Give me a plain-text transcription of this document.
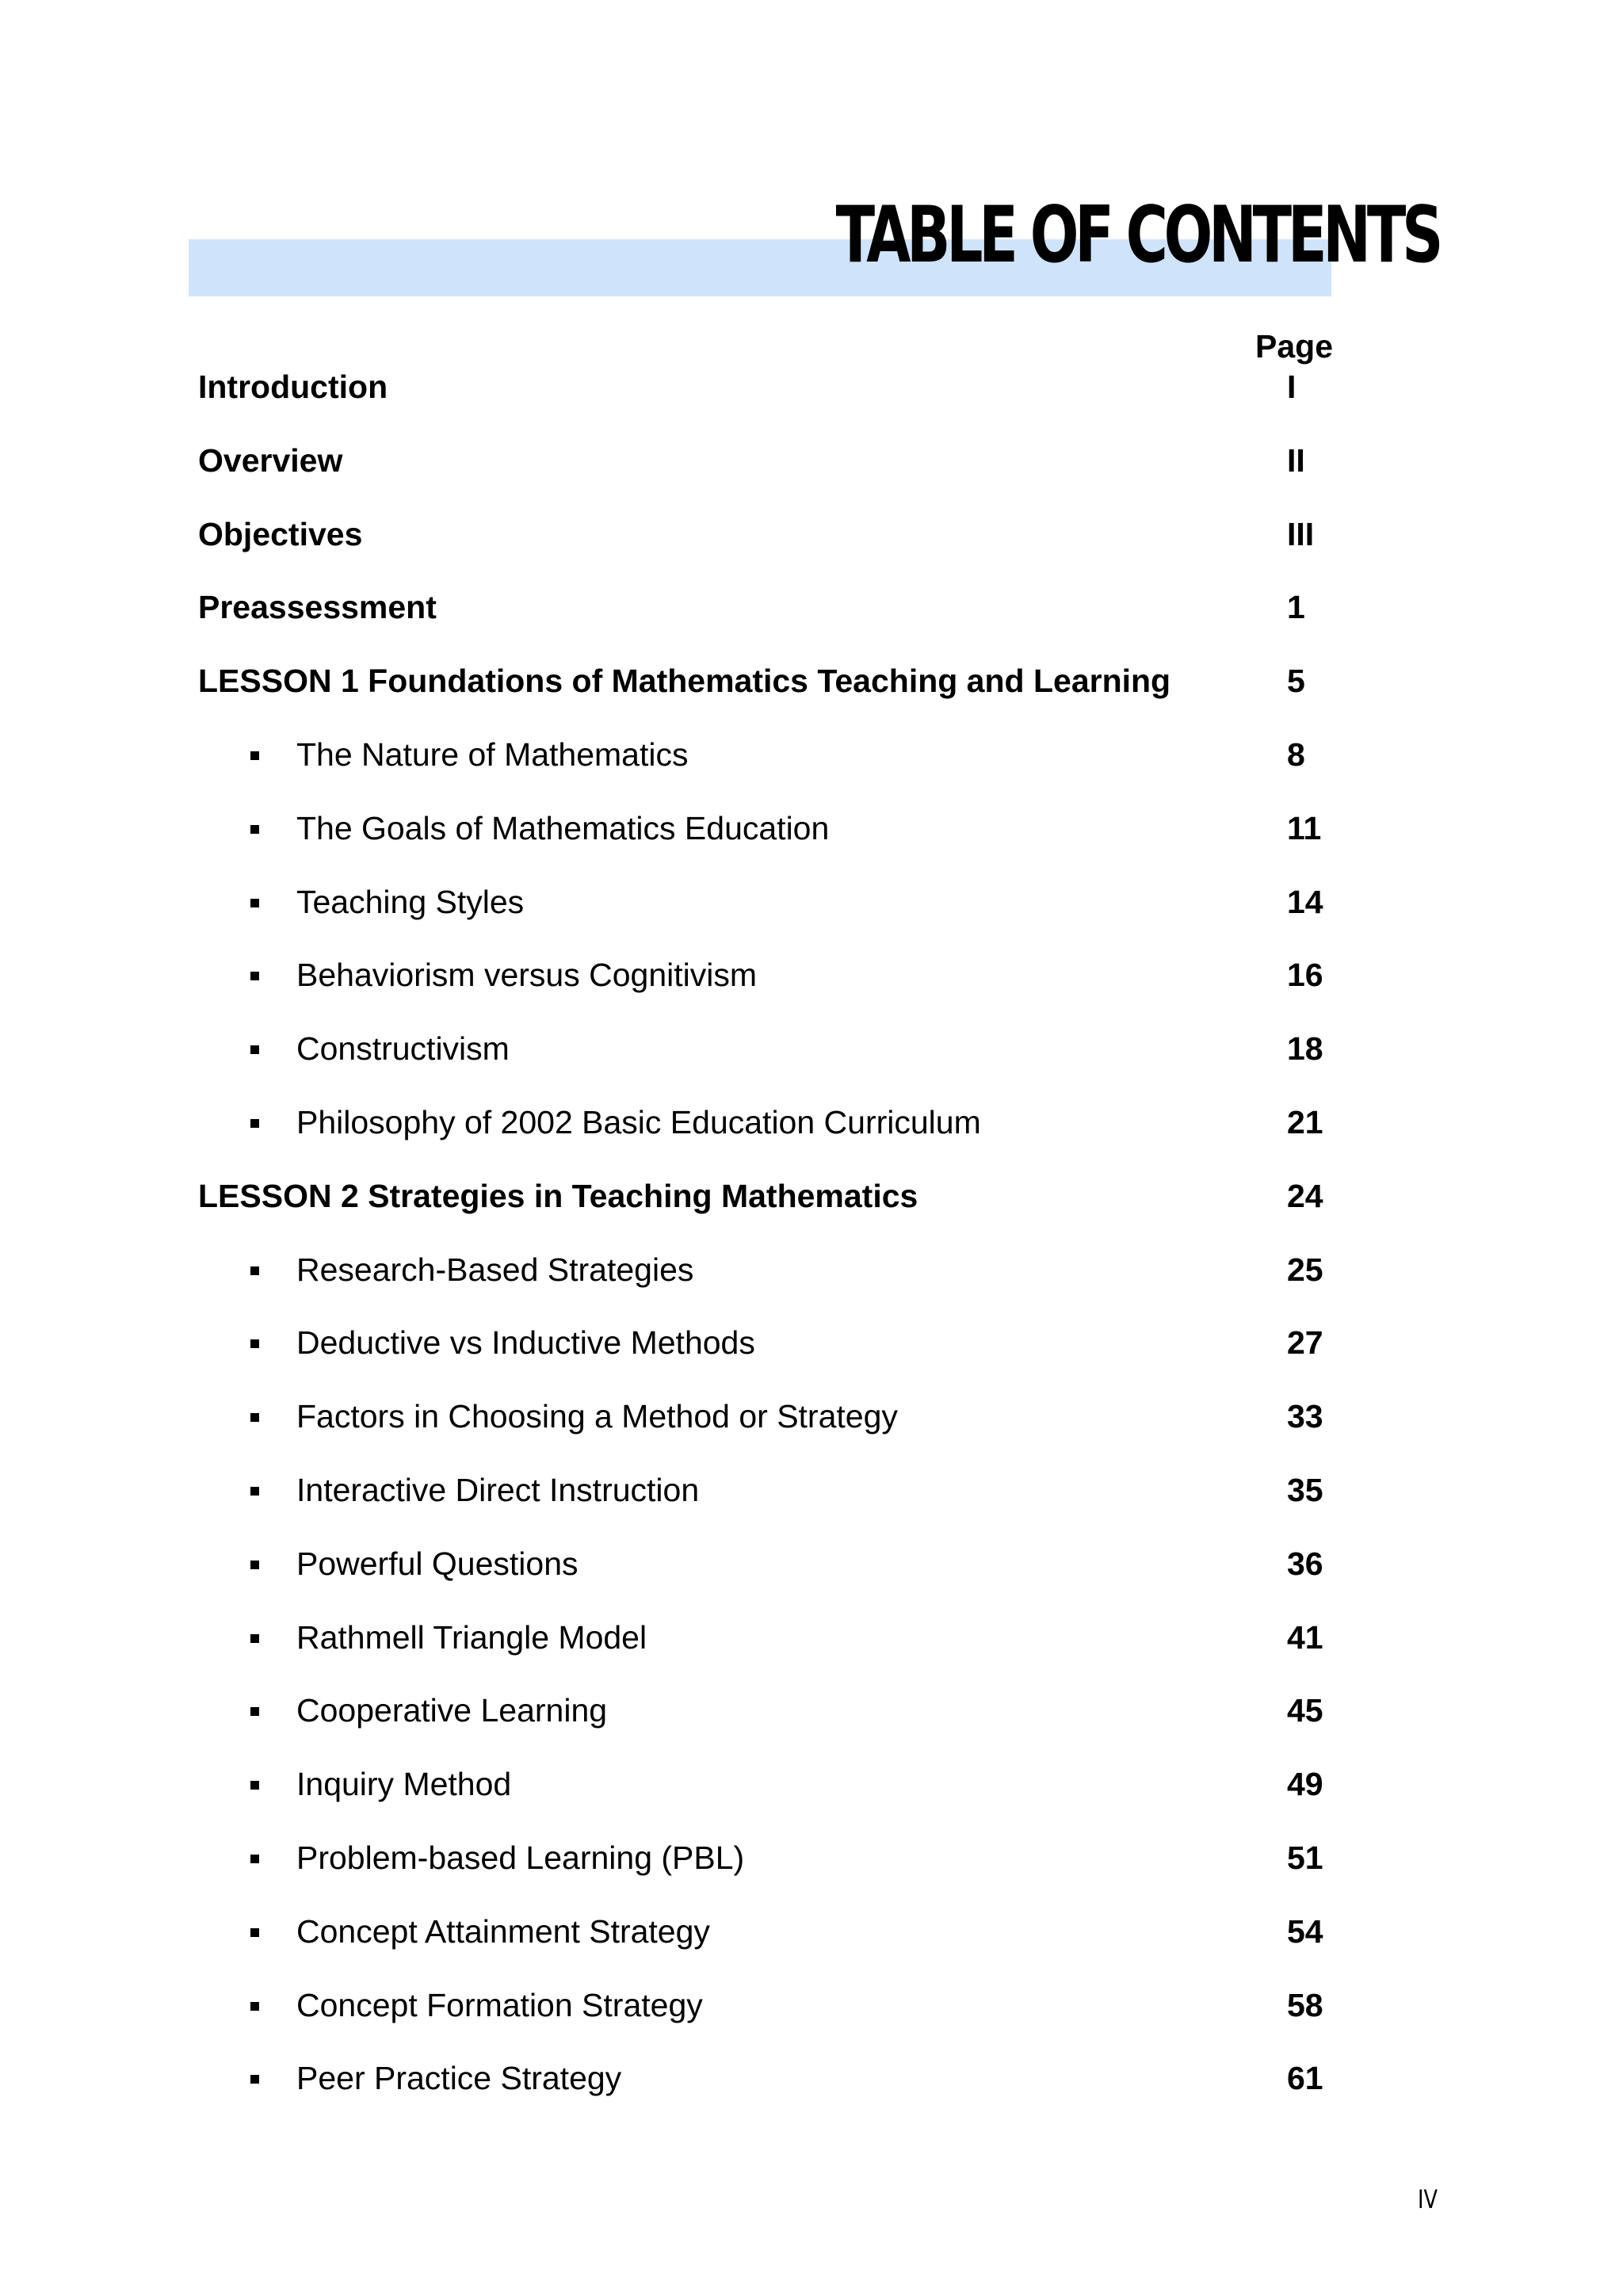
TABLE OF CONTENTS
Page
Introduction	I
Overview	II
Objectives	III
Preassessment	1
LESSON 1 Foundations of Mathematics Teaching and Learning	5
The Nature of Mathematics	8
The Goals of Mathematics Education	11
Teaching Styles	14
Behaviorism versus Cognitivism	16
Constructivism	18
Philosophy of 2002 Basic Education Curriculum	21
LESSON 2 Strategies in Teaching Mathematics	24
Research-Based Strategies	25
Deductive vs Inductive Methods	27
Factors in Choosing a Method or Strategy	33
Interactive Direct Instruction	35
Powerful Questions	36
Rathmell Triangle Model	41
Cooperative Learning	45
Inquiry Method	49
Problem-based Learning (PBL)	51
Concept Attainment Strategy	54
Concept Formation Strategy	58
Peer Practice Strategy	61
IV
